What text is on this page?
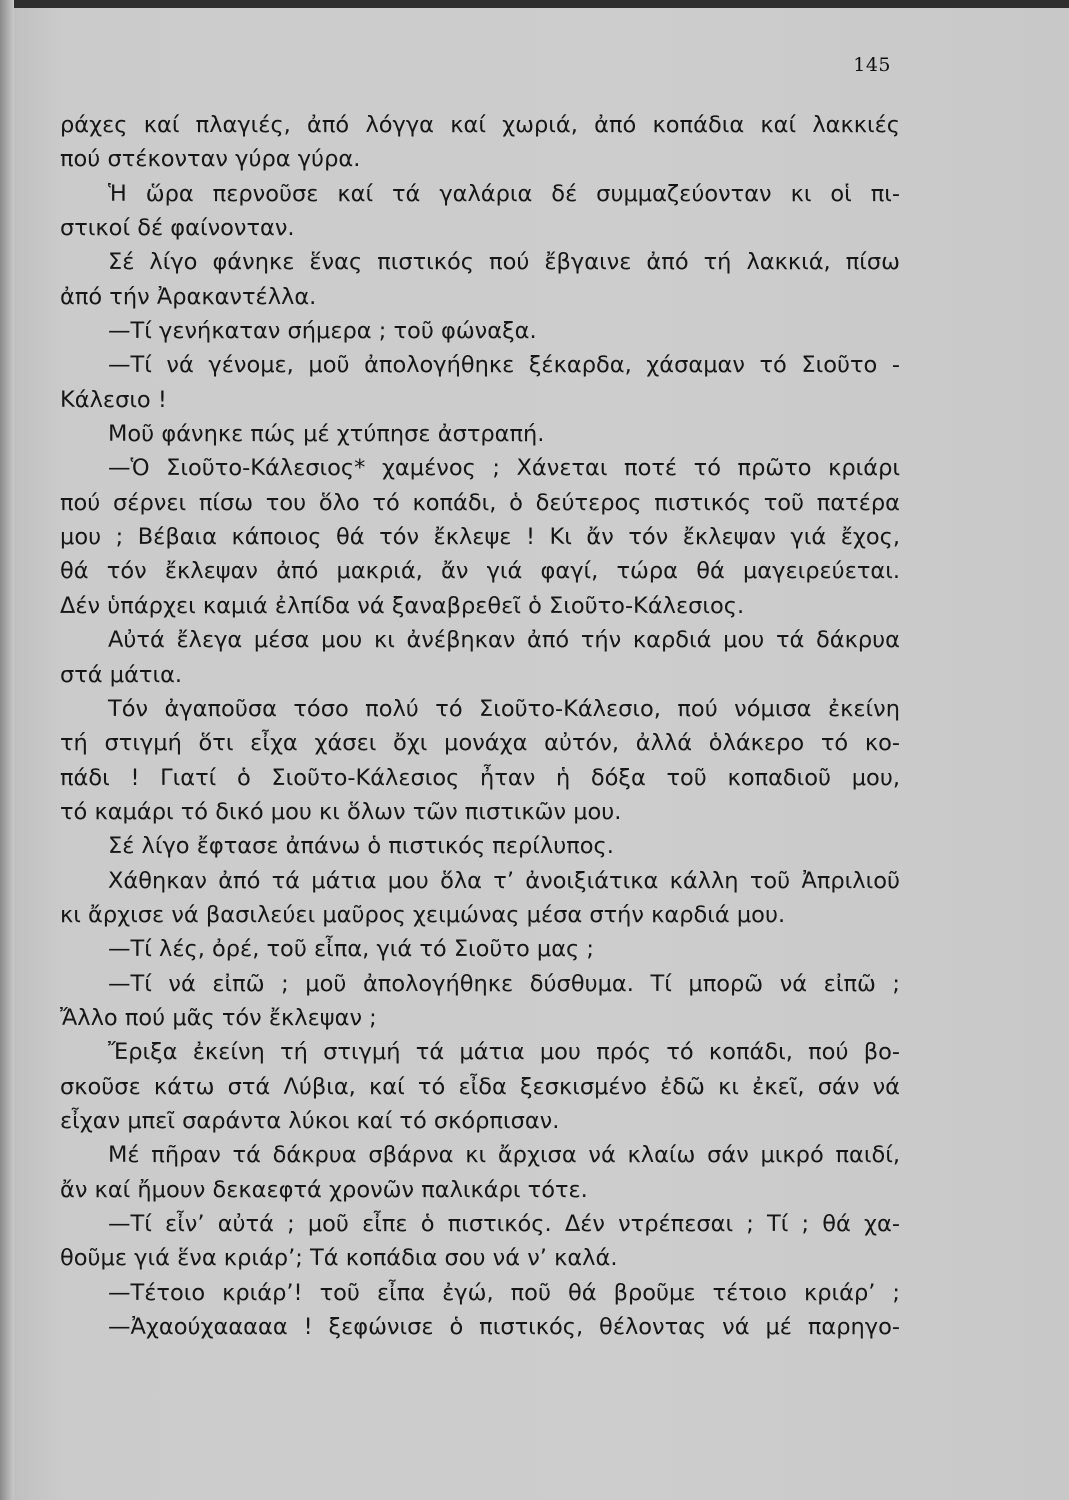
145
ράχες καί πλαγιές, ἀπό λόγγα καί χωριά, ἀπό κοπάδια καί λακκιές
πού στέκονταν γύρα γύρα.
Ἡ ὥρα περνοῦσε καί τά γαλάρια δέ συμμαζεύονταν κι οἱ πι-
στικοί δέ φαίνονταν.
Σέ λίγο φάνηκε ἕνας πιστικός πού ἔβγαινε ἀπό τή λακκιά, πίσω
ἀπό τήν Ἀρακαντέλλα.
—Τί γενήκαταν σήμερα ; τοῦ φώναξα.
—Τί νά γένομε, μοῦ ἀπολογήθηκε ξέκαρδα, χάσαμαν τό Σιοῦτο -
Κάλεσιο !
Μοῦ φάνηκε πώς μέ χτύπησε ἀστραπή.
—Ὁ Σιοῦτο-Κάλεσιος* χαμένος ; Χάνεται ποτέ τό πρῶτο κριάρι
πού σέρνει πίσω του ὅλο τό κοπάδι, ὁ δεύτερος πιστικός τοῦ πατέρα
μου ; Βέβαια κάποιος θά τόν ἔκλεψε ! Κι ἄν τόν ἔκλεψαν γιά ἔχος,
θά τόν ἔκλεψαν ἀπό μακριά, ἄν γιά φαγί, τώρα θά μαγειρεύεται.
Δέν ὑπάρχει καμιά ἐλπίδα νά ξαναβρεθεῖ ὁ Σιοῦτο-Κάλεσιος.
Αὐτά ἔλεγα μέσα μου κι ἀνέβηκαν ἀπό τήν καρδιά μου τά δάκρυα
στά μάτια.
Τόν ἀγαποῦσα τόσο πολύ τό Σιοῦτο-Κάλεσιο, πού νόμισα ἐκείνη
τή στιγμή ὅτι εἶχα χάσει ὄχι μονάχα αὐτόν, ἀλλά ὁλάκερο τό κο-
πάδι ! Γιατί ὁ Σιοῦτο-Κάλεσιος ἦταν ἡ δόξα τοῦ κοπαδιοῦ μου,
τό καμάρι τό δικό μου κι ὅλων τῶν πιστικῶν μου.
Σέ λίγο ἔφτασε ἀπάνω ὁ πιστικός περίλυπος.
Χάθηκαν ἀπό τά μάτια μου ὅλα τ’ ἀνοιξιάτικα κάλλη τοῦ Ἀπριλιοῦ
κι ἄρχισε νά βασιλεύει μαῦρος χειμώνας μέσα στήν καρδιά μου.
—Τί λές, ὀρέ, τοῦ εἶπα, γιά τό Σιοῦτο μας ;
—Τί νά εἰπῶ ; μοῦ ἀπολογήθηκε δύσθυμα. Τί μπορῶ νά εἰπῶ ;
Ἄλλο πού μᾶς τόν ἔκλεψαν ;
Ἔριξα ἐκείνη τή στιγμή τά μάτια μου πρός τό κοπάδι, πού βο-
σκοῦσε κάτω στά Λύβια, καί τό εἶδα ξεσκισμένο ἐδῶ κι ἐκεῖ, σάν νά
εἶχαν μπεῖ σαράντα λύκοι καί τό σκόρπισαν.
Μέ πῆραν τά δάκρυα σβάρνα κι ἄρχισα νά κλαίω σάν μικρό παιδί,
ἄν καί ἤμουν δεκαεφτά χρονῶν παλικάρι τότε.
—Τί εἶν’ αὐτά ; μοῦ εἶπε ὁ πιστικός. Δέν ντρέπεσαι ; Τί ; θά χα-
θοῦμε γιά ἕνα κριάρ’; Τά κοπάδια σου νά ν’ καλά.
—Τέτοιο κριάρ’! τοῦ εἶπα ἐγώ, ποῦ θά βροῦμε τέτοιο κριάρ’ ;
—Ἀχαούχααααα ! ξεφώνισε ὁ πιστικός, θέλοντας νά μέ παρηγο-
